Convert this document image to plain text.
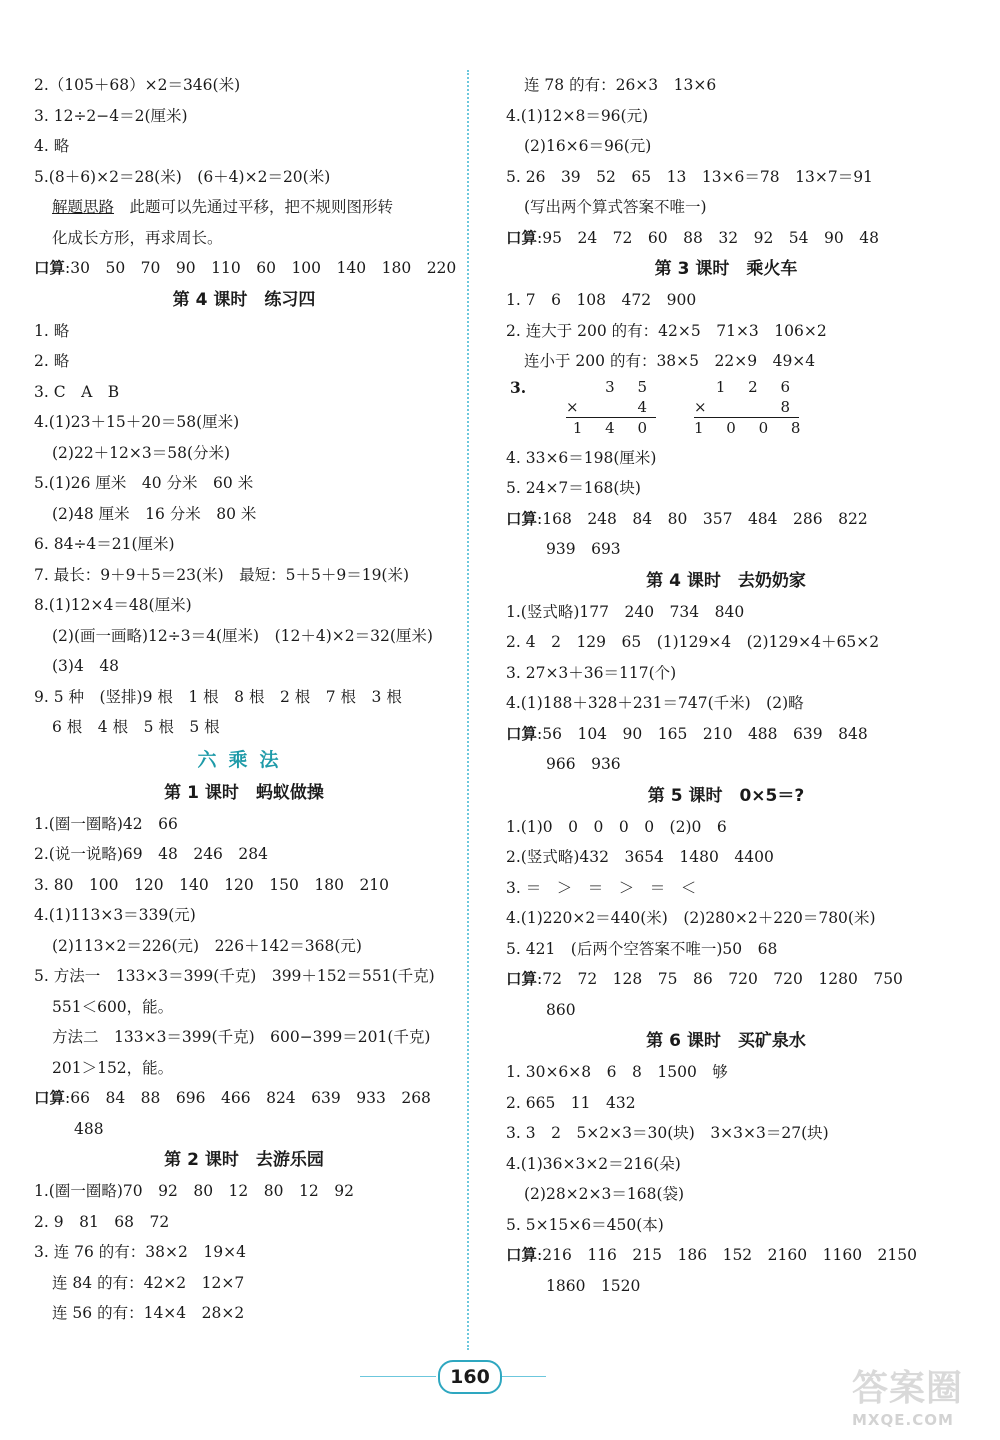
2.（105＋68）×2＝346(米)
3. 12÷2−4＝2(厘米)
4. 略
5.(8＋6)×2＝28(米)　(6＋4)×2＝20(米)
解题思路　此题可以先通过平移，把不规则图形转
化成长方形，再求周长。
口算:30　50　70　90　110　60　100　140　180　220
第 4 课时　练习四
1. 略
2. 略
3. C　A　B
4.(1)23＋15＋20＝58(厘米)
(2)22＋12×3＝58(分米)
5.(1)26 厘米　40 分米　60 米
(2)48 厘米　16 分米　80 米
6. 84÷4＝21(厘米)
7. 最长：9＋9＋5＝23(米)　最短：5＋5＋9＝19(米)
8.(1)12×4＝48(厘米)
(2)(画一画略)12÷3＝4(厘米)　(12＋4)×2＝32(厘米)
(3)4　48
9. 5 种　(竖排)9 根　1 根　8 根　2 根　7 根　3 根
6 根　4 根　5 根　5 根
六乘法
第 1 课时　蚂蚁做操
1.(圈一圈略)42　66
2.(说一说略)69　48　246　284
3. 80　100　120　140　120　150　180　210
4.(1)113×3＝339(元)
(2)113×2＝226(元)　226＋142＝368(元)
5. 方法一　133×3＝399(千克)　399＋152＝551(千克)
551＜600，能。
方法二　133×3＝399(千克)　600−399＝201(千克)
201＞152，能。
口算:66　84　88　696　466　824　639　933　268
488
第 2 课时　去游乐园
1.(圈一圈略)70　92　80　12　80　12　92
2. 9　81　68　72
3. 连 76 的有：38×2　19×4
连 84 的有：42×2　12×7
连 56 的有：14×4　28×2
连 78 的有：26×3　13×6
4.(1)12×8＝96(元)
(2)16×6＝96(元)
5. 26　39　52　65　13　13×6＝78　13×7＝91
(写出两个算式答案不唯一)
口算:95　24　72　60　88　32　92　54　90　48
第 3 课时　乘火车
1. 7　6　108　472　900
2. 连大于 200 的有：42×5　71×3　106×2
连小于 200 的有：38×5　22×9　49×4
3.	3 5
×	4
1 4 0
1 2 6
×	8
1 0 0 8
4. 33×6＝198(厘米)
5. 24×7＝168(块)
口算:168　248　84　80　357　484　286　822
939　693
第 4 课时　去奶奶家
1.(竖式略)177　240　734　840
2. 4　2　129　65　(1)129×4　(2)129×4＋65×2
3. 27×3＋36＝117(个)
4.(1)188＋328＋231＝747(千米)　(2)略
口算:56　104　90　165　210　488　639　848
966　936
第 5 课时　0×5＝?
1.(1)0　0　0　0　0　(2)0　6
2.(竖式略)432　3654　1480　4400
3. ＝　＞　＝　＞　＝　＜
4.(1)220×2＝440(米)　(2)280×2＋220＝780(米)
5. 421　(后两个空答案不唯一)50　68
口算:72　72　128　75　86　720　720　1280　750
860
第 6 课时　买矿泉水
1. 30×6×8　6　8　1500　够
2. 665　11　432
3. 3　2　5×2×3＝30(块)　3×3×3＝27(块)
4.(1)36×3×2＝216(朵)
(2)28×2×3＝168(袋)
5. 5×15×6＝450(本)
口算:216　116　215　186　152　2160　1160　2150
1860　1520
160	答案圈
MXQE.COM
